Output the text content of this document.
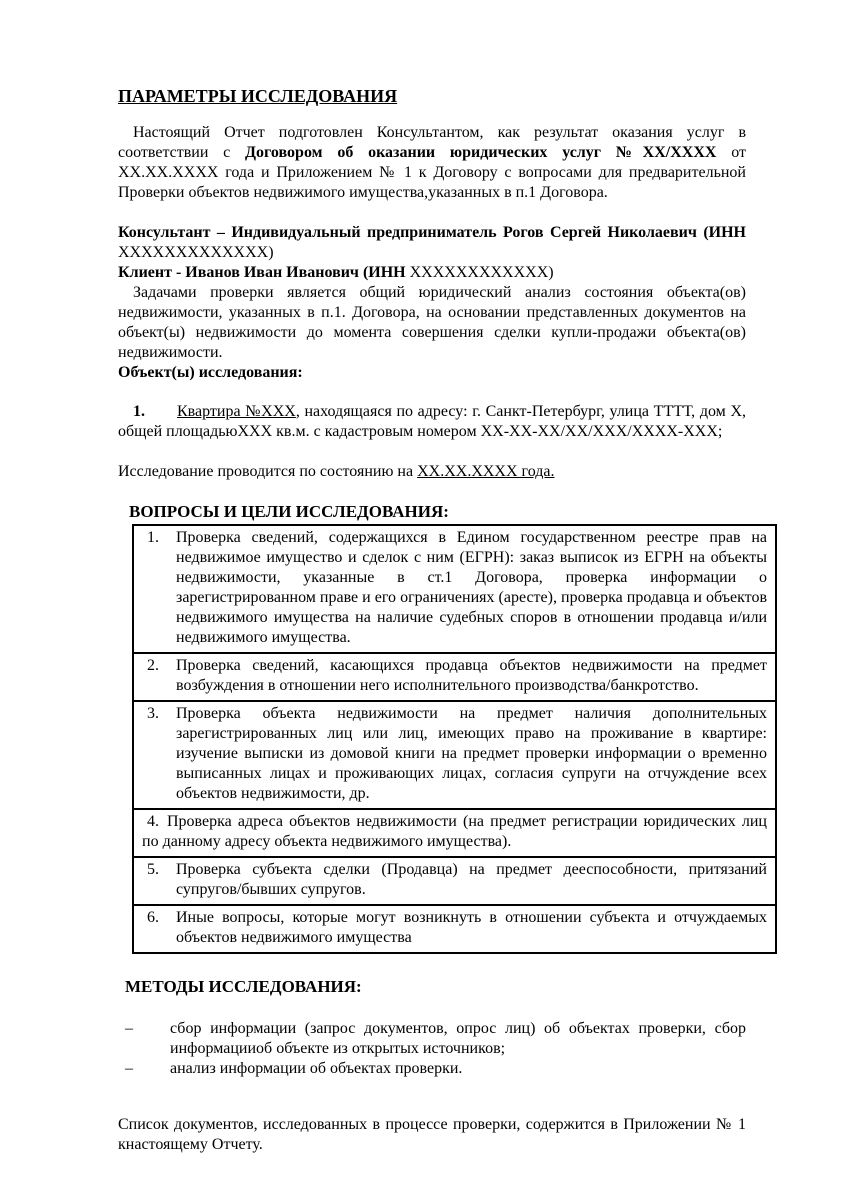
ПАРАМЕТРЫ ИССЛЕДОВАНИЯ

Настоящий Отчет подготовлен Консультантом, как результат оказания услуг в соответствии с Договором об оказании юридических услуг №XX/XXXX от XX.XX.XXXX года и Приложением № 1 к Договору с вопросами для предварительной Проверки объектов недвижимого имущества,указанных в п.1 Договора.

Консультант – Индивидуальный предприниматель Рогов Сергей Николаевич (ИНН XXXXXXXXXXXXX)

Клиент - Иванов Иван Иванович (ИНН XXXXXXXXXXXX)

Задачами проверки является общий юридический анализ состояния объекта(ов) недвижимости, указанных в п.1. Договора, на основании представленных документов на объект(ы) недвижимости до момента совершения сделки купли-продажи объекта(ов) недвижимости.

Объект(ы) исследования:

1. Квартира №XXX, находящаяся по адресу: г. Санкт-Петербург, улица ТТТТ, дом X, общей площадьюXXX кв.м. с кадастровым номером XX-XX-XX/XX/XXX/XXXX-XXX;

Исследование проводится по состоянию на XX.XX.XXXX года.

ВОПРОСЫ И ЦЕЛИ ИССЛЕДОВАНИЯ:
1. Проверка сведений, содержащихся в Едином государственном реестре прав на недвижимое имущество и сделок с ним (ЕГРН): заказ выписок из ЕГРН на объекты недвижимости, указанные в ст.1 Договора, проверка информации о зарегистрированном праве и его ограничениях (аресте), проверка продавца и объектов недвижимого имущества на наличие судебных споров в отношении продавца и/или недвижимого имущества.
2. Проверка сведений, касающихся продавца объектов недвижимости на предмет возбуждения в отношении него исполнительного производства/банкротство.
3. Проверка объекта недвижимости на предмет наличия дополнительных зарегистрированных лиц или лиц, имеющих право на проживание в квартире: изучение выписки из домовой книги на предмет проверки информации о временно выписанных лицах и проживающих лицах, согласия супруги на отчуждение всех объектов недвижимости, др.
4. Проверка адреса объектов недвижимости (на предмет регистрации юридических лиц по данному адресу объекта недвижимого имущества).
5. Проверка субъекта сделки (Продавца) на предмет дееспособности, притязаний супругов/бывших супругов.
6. Иные вопросы, которые могут возникнуть в отношении субъекта и отчуждаемых объектов недвижимого имущества
МЕТОДЫ ИССЛЕДОВАНИЯ:

– сбор информации (запрос документов, опрос лиц) об объектах проверки, сбор информацииоб объекте из открытых источников;

– анализ информации об объектах проверки.

Список документов, исследованных в процессе проверки, содержится в Приложении № 1 кнастоящему Отчету.
